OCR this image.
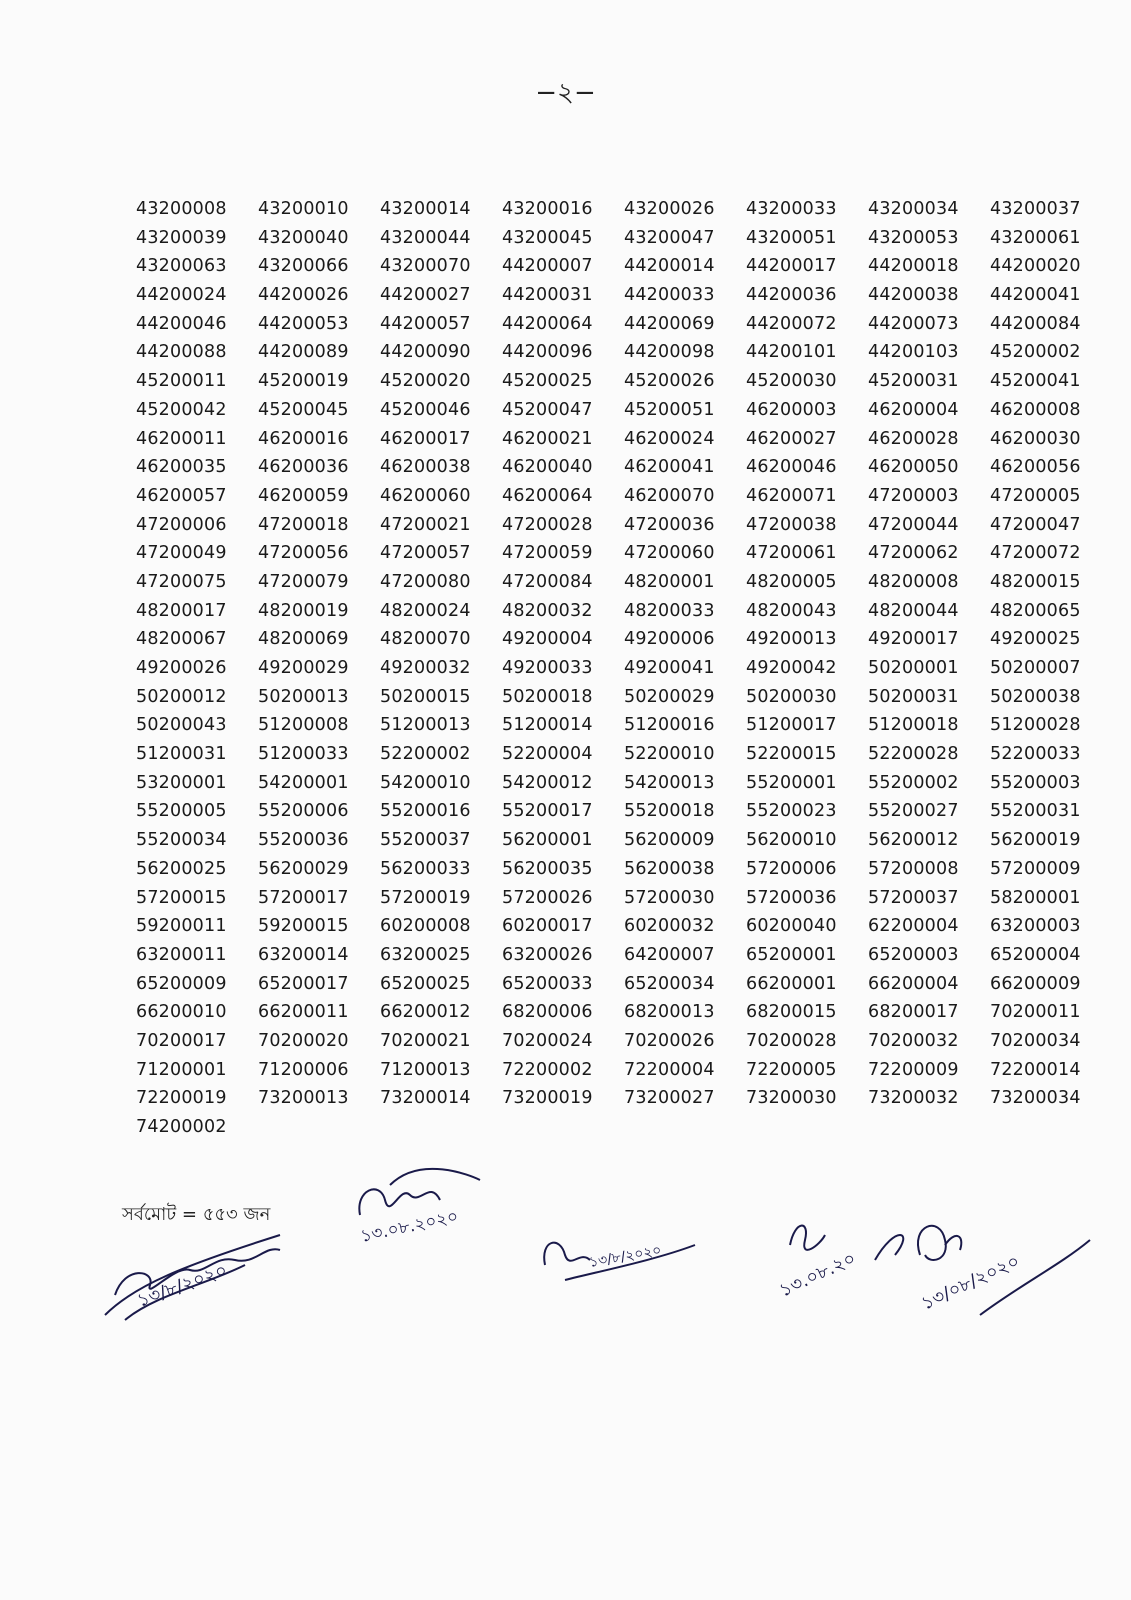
−২−
43200008	43200010	43200014	43200016	43200026	43200033	43200034	43200037
43200039	43200040	43200044	43200045	43200047	43200051	43200053	43200061
43200063	43200066	43200070	44200007	44200014	44200017	44200018	44200020
44200024	44200026	44200027	44200031	44200033	44200036	44200038	44200041
44200046	44200053	44200057	44200064	44200069	44200072	44200073	44200084
44200088	44200089	44200090	44200096	44200098	44200101	44200103	45200002
45200011	45200019	45200020	45200025	45200026	45200030	45200031	45200041
45200042	45200045	45200046	45200047	45200051	46200003	46200004	46200008
46200011	46200016	46200017	46200021	46200024	46200027	46200028	46200030
46200035	46200036	46200038	46200040	46200041	46200046	46200050	46200056
46200057	46200059	46200060	46200064	46200070	46200071	47200003	47200005
47200006	47200018	47200021	47200028	47200036	47200038	47200044	47200047
47200049	47200056	47200057	47200059	47200060	47200061	47200062	47200072
47200075	47200079	47200080	47200084	48200001	48200005	48200008	48200015
48200017	48200019	48200024	48200032	48200033	48200043	48200044	48200065
48200067	48200069	48200070	49200004	49200006	49200013	49200017	49200025
49200026	49200029	49200032	49200033	49200041	49200042	50200001	50200007
50200012	50200013	50200015	50200018	50200029	50200030	50200031	50200038
50200043	51200008	51200013	51200014	51200016	51200017	51200018	51200028
51200031	51200033	52200002	52200004	52200010	52200015	52200028	52200033
53200001	54200001	54200010	54200012	54200013	55200001	55200002	55200003
55200005	55200006	55200016	55200017	55200018	55200023	55200027	55200031
55200034	55200036	55200037	56200001	56200009	56200010	56200012	56200019
56200025	56200029	56200033	56200035	56200038	57200006	57200008	57200009
57200015	57200017	57200019	57200026	57200030	57200036	57200037	58200001
59200011	59200015	60200008	60200017	60200032	60200040	62200004	63200003
63200011	63200014	63200025	63200026	64200007	65200001	65200003	65200004
65200009	65200017	65200025	65200033	65200034	66200001	66200004	66200009
66200010	66200011	66200012	68200006	68200013	68200015	68200017	70200011
70200017	70200020	70200021	70200024	70200026	70200028	70200032	70200034
71200001	71200006	71200013	72200002	72200004	72200005	72200009	72200014
72200019	73200013	73200014	73200019	73200027	73200030	73200032	73200034
74200002
সর্বমোট = ৫৫৩ জন
১৩/৮/২০২০
১৩.০৮.২০২০
১৩/৮/২০২০	১৩.০৮.২০	১৩/০৮/২০২০
